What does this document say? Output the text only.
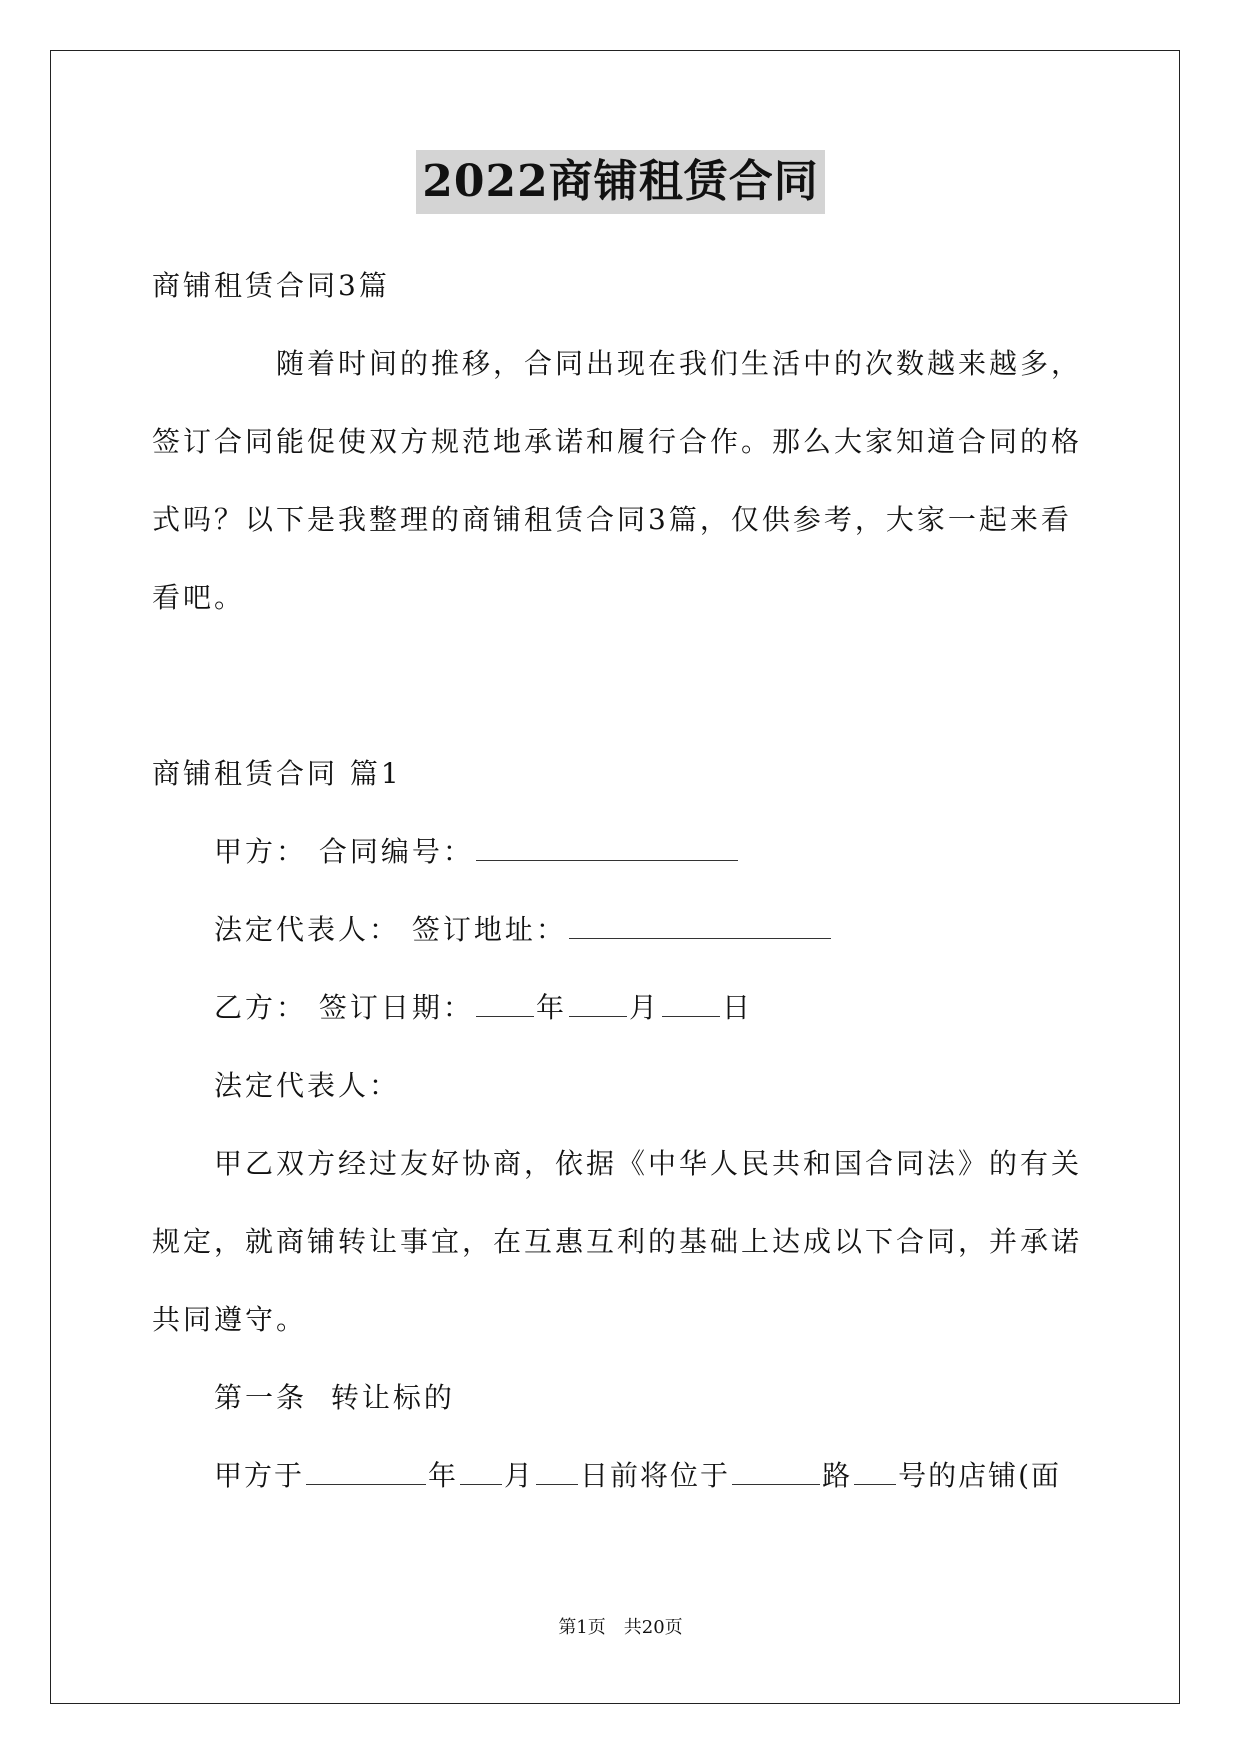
2022商铺租赁合同
商铺租赁合同3篇
随着时间的推移，合同出现在我们生活中的次数越来越多，
签订合同能促使双方规范地承诺和履行合作。那么大家知道合同的格
式吗？以下是我整理的商铺租赁合同3篇，仅供参考，大家一起来看
看吧。
商铺租赁合同 篇1
甲方： 合同编号：
法定代表人： 签订地址：
乙方： 签订日期： 年 月 日
法定代表人：
甲乙双方经过友好协商，依据《中华人民共和国合同法》的有关
规定，就商铺转让事宜，在互惠互利的基础上达成以下合同，并承诺
共同遵守。
第一条 转让标的
甲方于	年 月 日前将位于	路 号的店铺(面
第1页　共20页
